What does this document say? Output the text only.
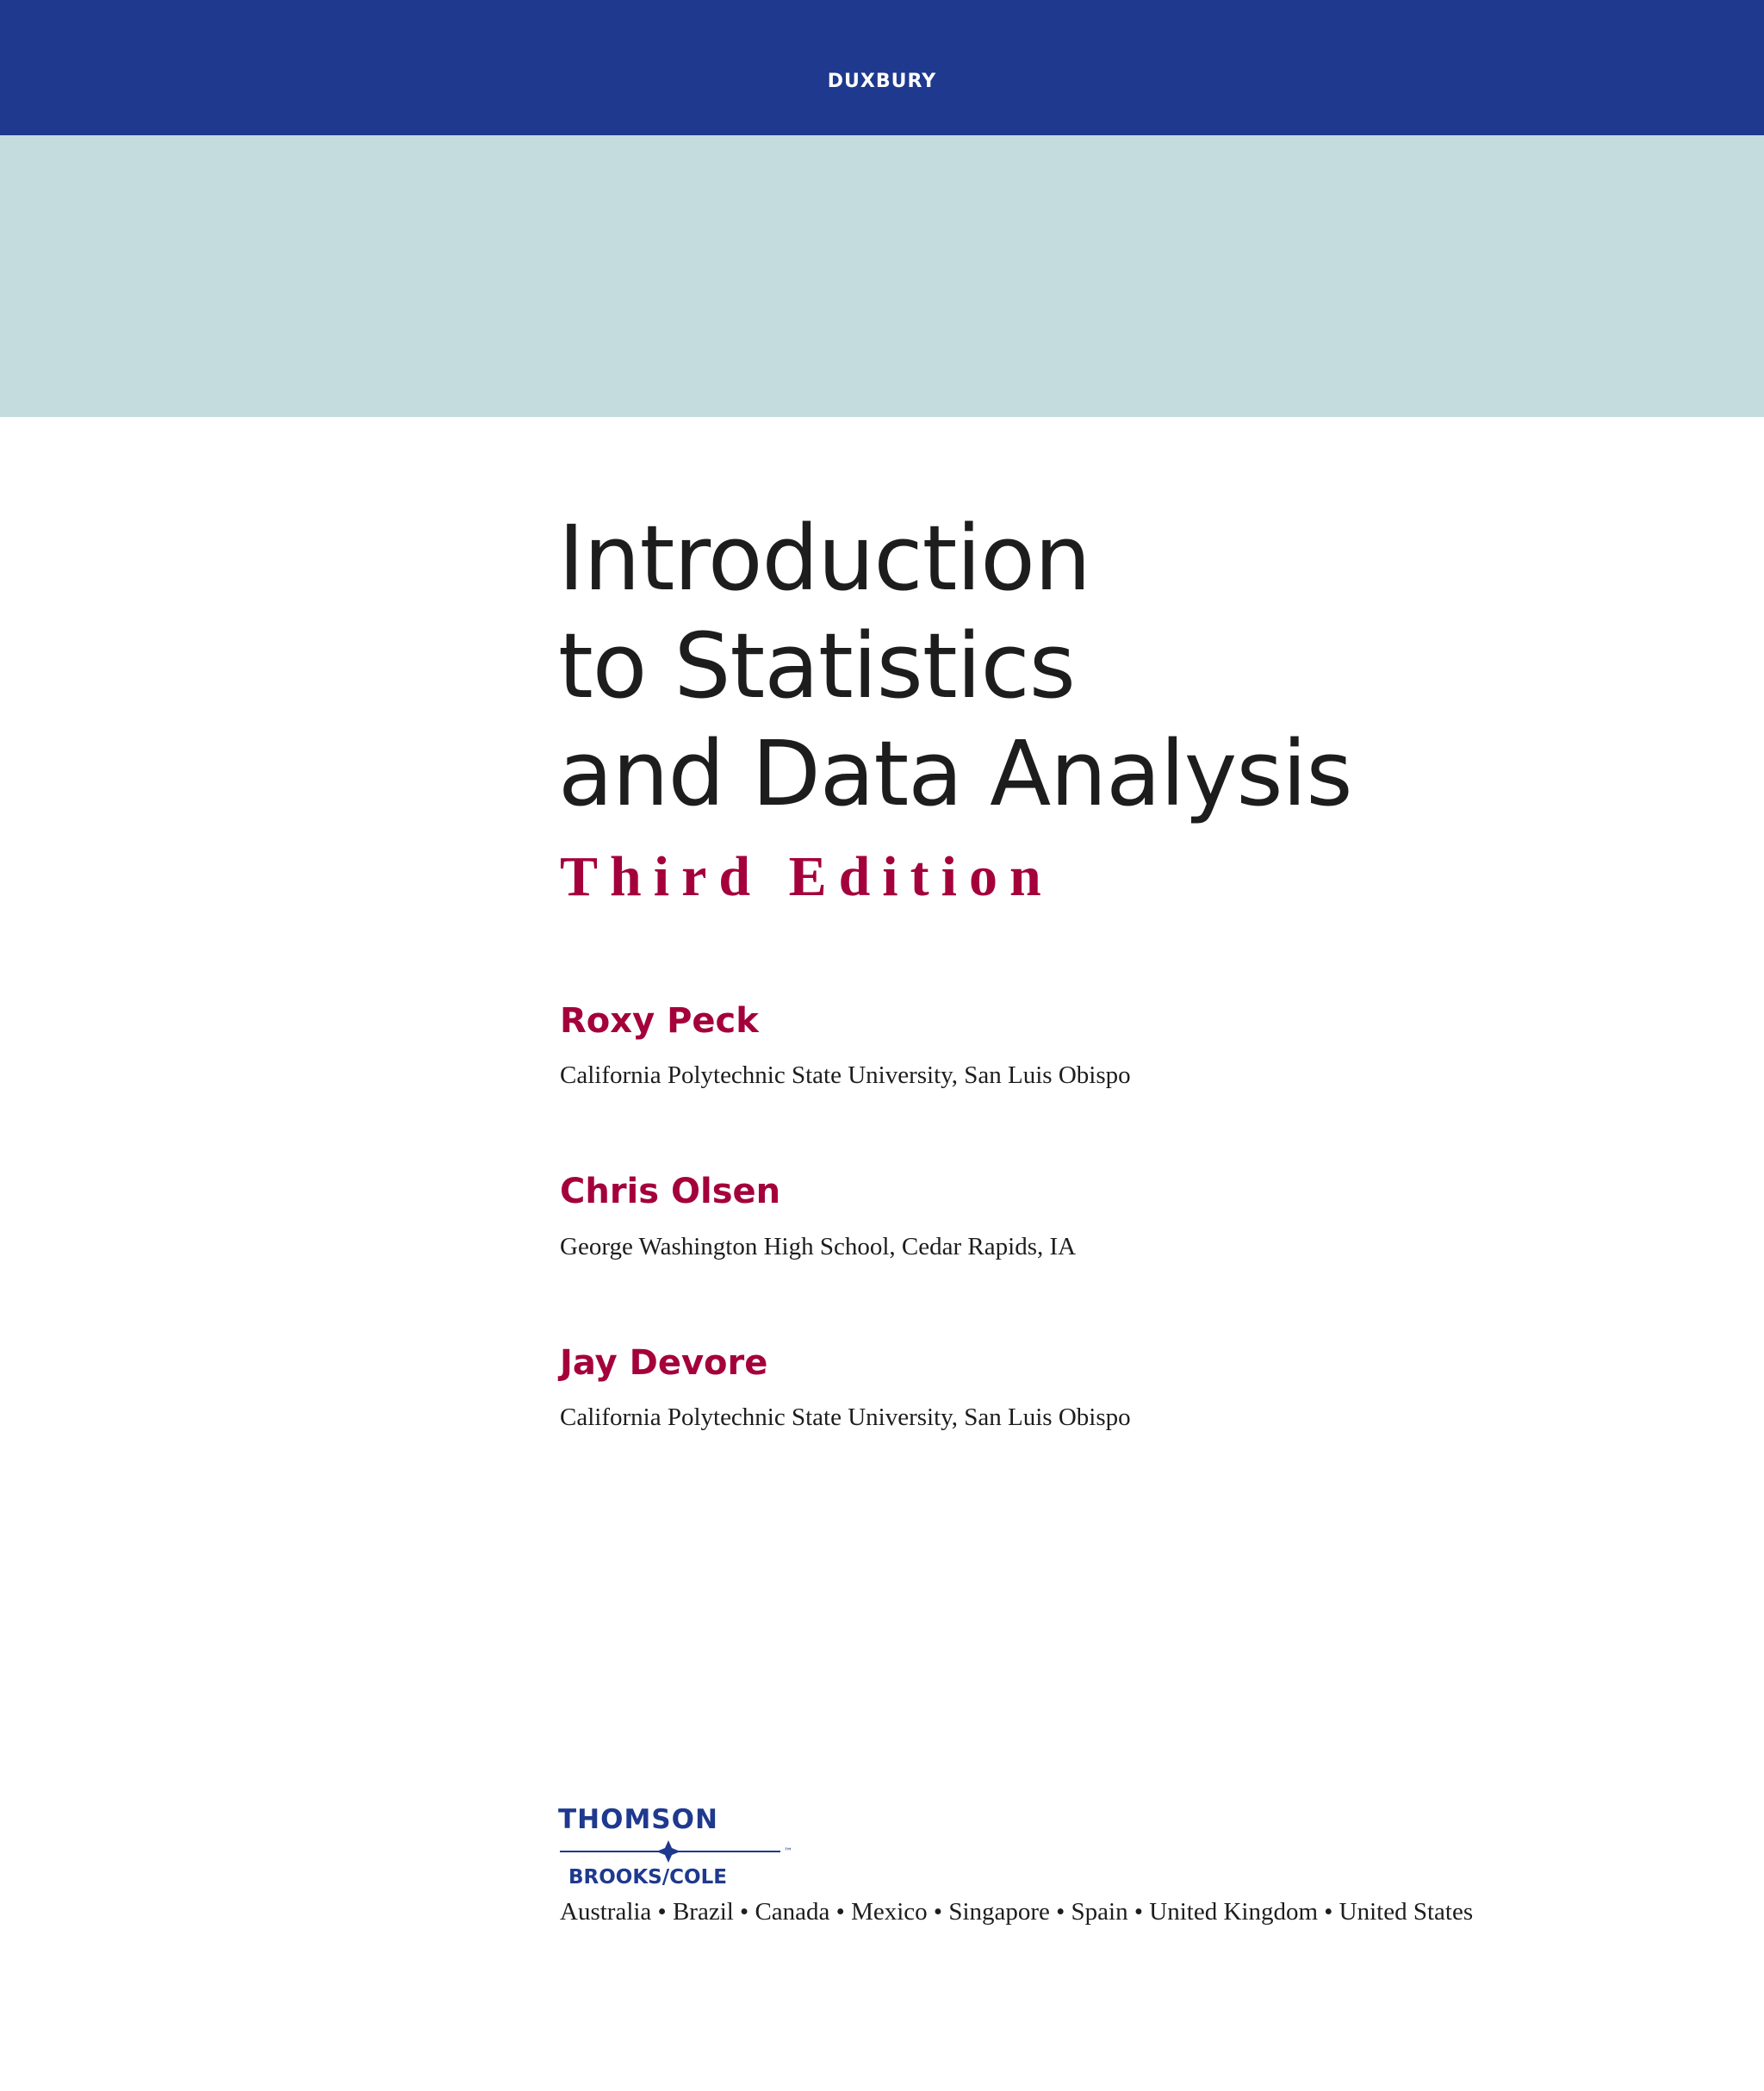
DUXBURY
Introduction
to Statistics
and Data Analysis
Third Edition
Roxy Peck
California Polytechnic State University, San Luis Obispo
Chris Olsen
George Washington High School, Cedar Rapids, IA
Jay Devore
California Polytechnic State University, San Luis Obispo
THOMSON
™
BROOKS/COLE
Australia • Brazil • Canada • Mexico • Singapore • Spain • United Kingdom • United States
